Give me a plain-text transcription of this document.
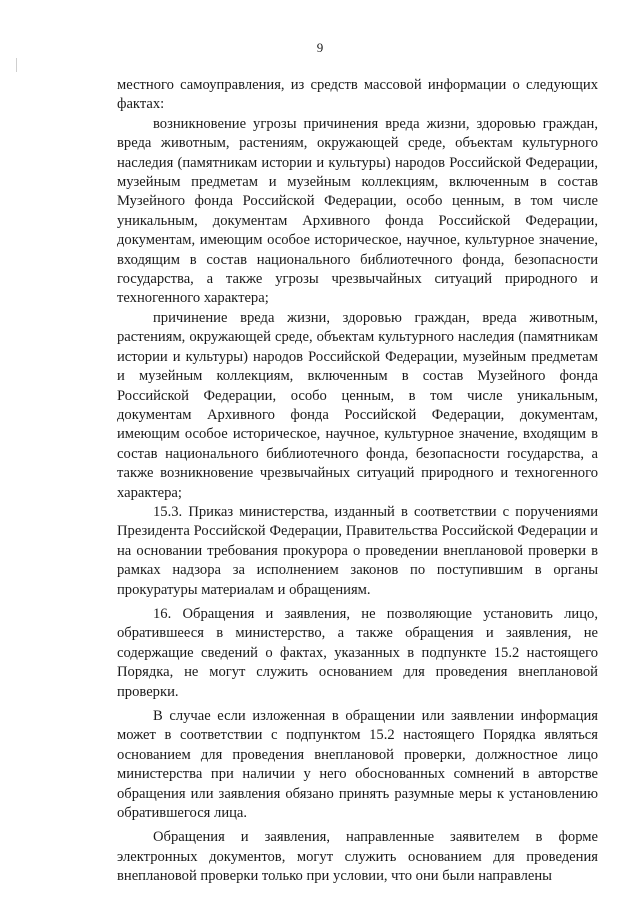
9

местного самоуправления, из средств массовой информации о следующих фактах:

возникновение угрозы причинения вреда жизни, здоровью граждан, вреда животным, растениям, окружающей среде, объектам культурного наследия (памятникам истории и культуры) народов Российской Федерации, музейным предметам и музейным коллекциям, включенным в состав Музейного фонда Российской Федерации, особо ценным, в том числе уникальным, документам Архивного фонда Российской Федерации, документам, имеющим особое историческое, научное, культурное значение, входящим в состав национального библиотечного фонда, безопасности государства, а также угрозы чрезвычайных ситуаций природного и техногенного характера;

причинение вреда жизни, здоровью граждан, вреда животным, растениям, окружающей среде, объектам культурного наследия (памятникам истории и культуры) народов Российской Федерации, музейным предметам и музейным коллекциям, включенным в состав Музейного фонда Российской Федерации, особо ценным, в том числе уникальным, документам Архивного фонда Российской Федерации, документам, имеющим особое историческое, научное, культурное значение, входящим в состав национального библиотечного фонда, безопасности государства, а также возникновение чрезвычайных ситуаций природного и техногенного характера;

15.3. Приказ министерства, изданный в соответствии с поручениями Президента Российской Федерации, Правительства Российской Федерации и на основании требования прокурора о проведении внеплановой проверки в рамках надзора за исполнением законов по поступившим в органы прокуратуры материалам и обращениям.

16. Обращения и заявления, не позволяющие установить лицо, обратившееся в министерство, а также обращения и заявления, не содержащие сведений о фактах, указанных в подпункте 15.2 настоящего Порядка, не могут служить основанием для проведения внеплановой проверки.

В случае если изложенная в обращении или заявлении информация может в соответствии с подпунктом 15.2 настоящего Порядка являться основанием для проведения внеплановой проверки, должностное лицо министерства при наличии у него обоснованных сомнений в авторстве обращения или заявления обязано принять разумные меры к установлению обратившегося лица.

Обращения и заявления, направленные заявителем в форме электронных документов, могут служить основанием для проведения внеплановой проверки только при условии, что они были направлены
